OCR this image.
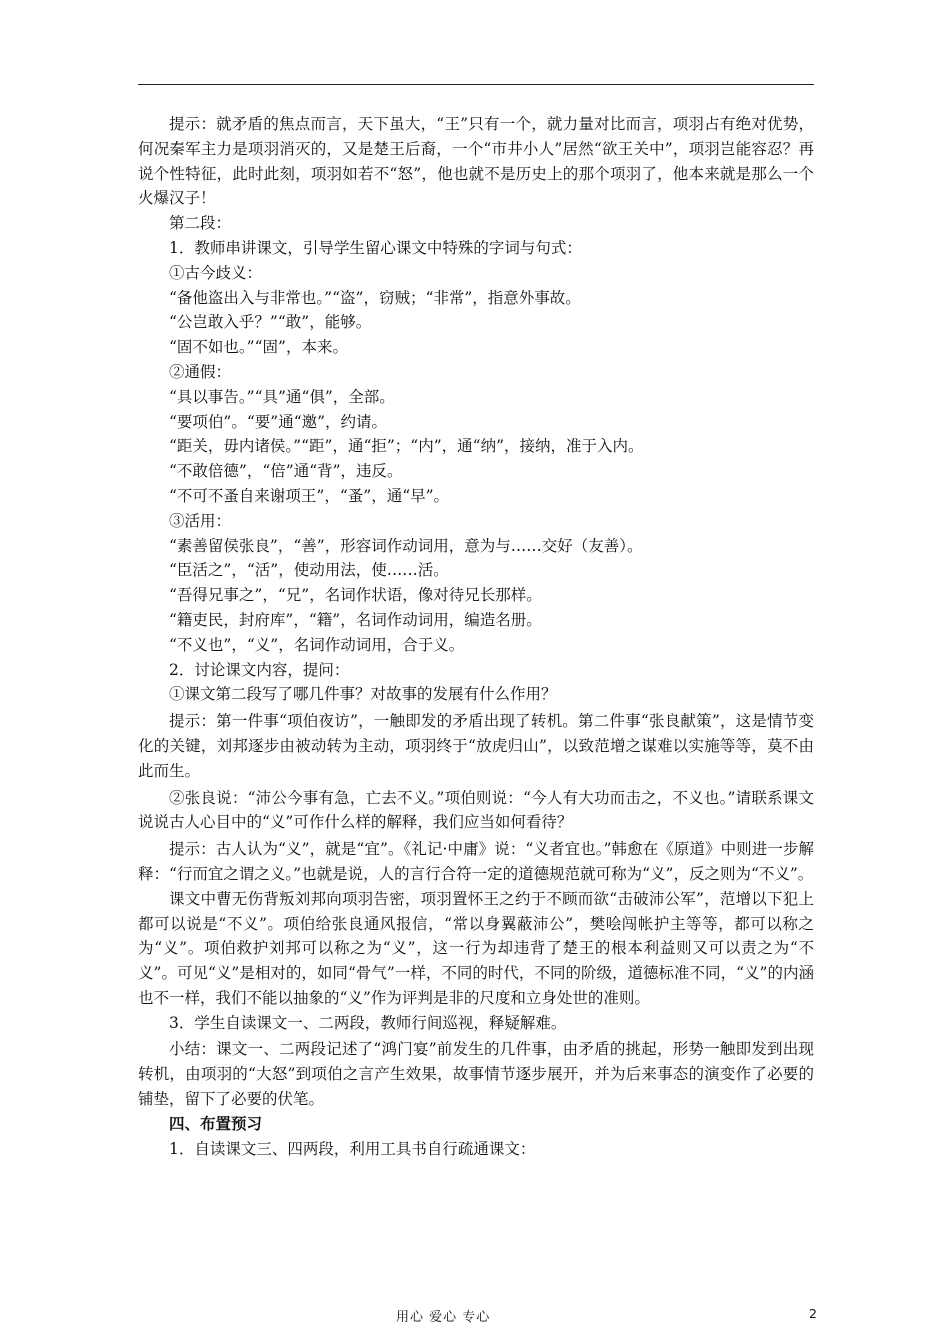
提示：就矛盾的焦点而言，天下虽大，“王”只有一个，就力量对比而言，项羽占有绝对优势，何况秦军主力是项羽消灭的，又是楚王后裔，一个“市井小人”居然“欲王关中”，项羽岂能容忍？再说个性特征，此时此刻，项羽如若不“怒”，他也就不是历史上的那个项羽了，他本来就是那么一个火爆汉子！

第二段：

1．教师串讲课文，引导学生留心课文中特殊的字词与句式：

①古今歧义：

“备他盗出入与非常也。”“盗”，窃贼；“非常”，指意外事故。

“公岂敢入乎？”“敢”，能够。

“固不如也。”“固”，本来。

②通假：

“具以事告。”“具”通“俱”，全部。

“要项伯”。“要”通“邀”，约请。

“距关，毋内诸侯。”“距”，通“拒”；“内”，通“纳”，接纳，准于入内。

“不敢倍德”，“倍”通“背”，违反。

“不可不蚤自来谢项王”，“蚤”，通“早”。

③活用：

“素善留侯张良”，“善”，形容词作动词用，意为与……交好（友善）。

“臣活之”，“活”，使动用法，使……活。

“吾得兄事之”，“兄”，名词作状语，像对待兄长那样。

“籍吏民，封府库”，“籍”，名词作动词用，编造名册。

“不义也”，“义”，名词作动词用，合于义。

2．讨论课文内容，提问：

①课文第二段写了哪几件事？对故事的发展有什么作用？

提示：第一件事“项伯夜访”，一触即发的矛盾出现了转机。第二件事“张良献策”，这是情节变化的关键，刘邦逐步由被动转为主动，项羽终于“放虎归山”，以致范增之谋难以实施等等，莫不由此而生。

②张良说：“沛公今事有急，亡去不义。”项伯则说：“今人有大功而击之，不义也。”请联系课文说说古人心目中的“义”可作什么样的解释，我们应当如何看待？

提示：古人认为“义”，就是“宜”。《礼记·中庸》说：“义者宜也。”韩愈在《原道》中则进一步解释：“行而宜之谓之义。”也就是说，人的言行合符一定的道德规范就可称为“义”，反之则为“不义”。

课文中曹无伤背叛刘邦向项羽告密，项羽置怀王之约于不顾而欲“击破沛公军”，范增以下犯上都可以说是“不义”。项伯给张良通风报信，“常以身翼蔽沛公”，樊哙闯帐护主等等，都可以称之为“义”。项伯救护刘邦可以称之为“义”，这一行为却违背了楚王的根本利益则又可以责之为“不义”。可见“义”是相对的，如同“骨气”一样，不同的时代，不同的阶级，道德标准不同，“义”的内涵也不一样，我们不能以抽象的“义”作为评判是非的尺度和立身处世的准则。

3．学生自读课文一、二两段，教师行间巡视，释疑解难。

小结：课文一、二两段记述了“鸿门宴”前发生的几件事，由矛盾的挑起，形势一触即发到出现转机，由项羽的“大怒”到项伯之言产生效果，故事情节逐步展开，并为后来事态的演变作了必要的铺垫，留下了必要的伏笔。

四、布置预习

1．自读课文三、四两段，利用工具书自行疏通课文：

用心 爱心 专心	2
